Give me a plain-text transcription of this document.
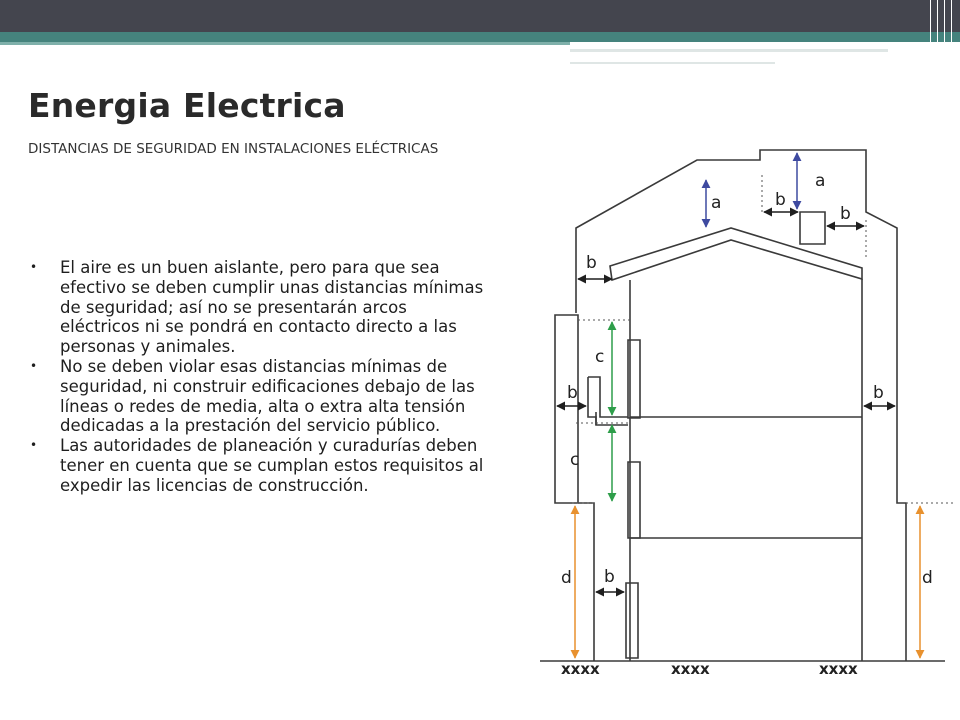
Energia Electrica
DISTANCIAS DE SEGURIDAD EN INSTALACIONES ELÉCTRICAS
• El aire es un buen aislante, pero para que sea efectivo se deben cumplir unas distancias mínimas de seguridad; así no se presentarán arcos eléctricos ni se pondrá en contacto directo a las personas y animales.
• No se deben violar esas distancias mínimas de seguridad, ni construir edificaciones debajo de las líneas o redes de media, alta o extra alta tensión dedicadas a la prestación del servicio público.
• Las autoridades de planeación y curadurías deben tener en cuenta que se cumplan estos requisitos al expedir las licencias de construcción.
a
a
b
b
b
c
b	b
c
d b	d
xxxx	xxxx	xxxx
